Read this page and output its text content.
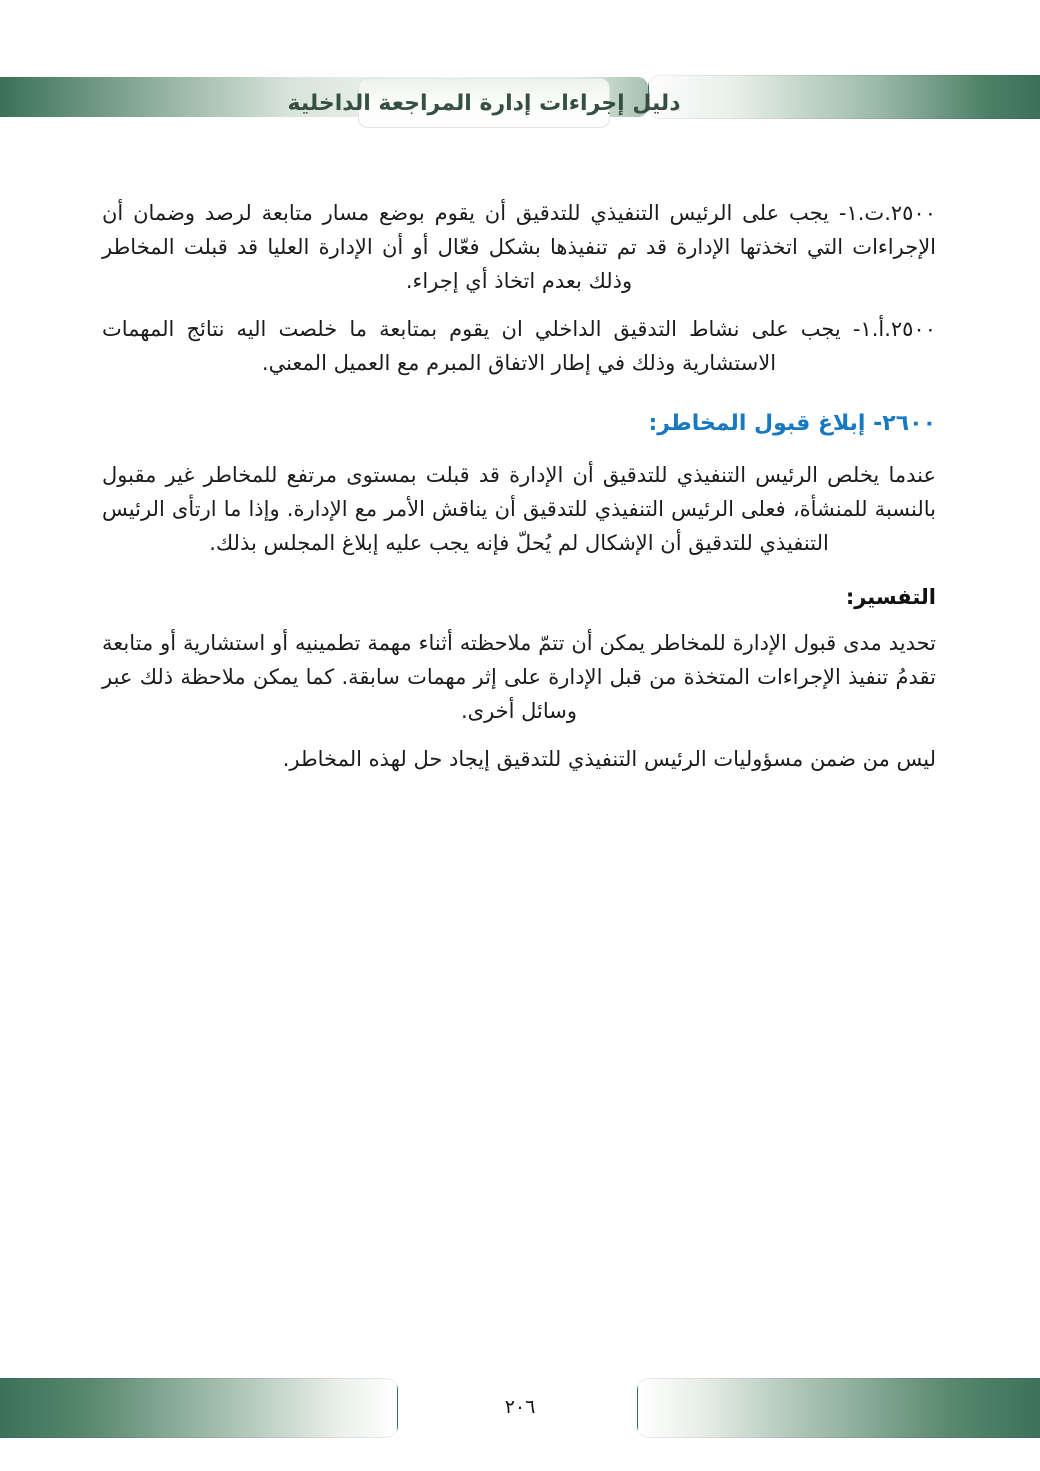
دليل إجراءات إدارة المراجعة الداخلية

٢٥٠٠.ت.١- يجب على الرئيس التنفيذي للتدقيق أن يقوم بوضع مسار متابعة لرصد وضمان أن الإجراءات التي اتخذتها الإدارة قد تم تنفيذها بشكل فعّال أو أن الإدارة العليا قد قبلت المخاطر وذلك بعدم اتخاذ أي إجراء.

٢٥٠٠.أ.١- يجب على نشاط التدقيق الداخلي ان يقوم بمتابعة ما خلصت اليه نتائج المهمات الاستشارية وذلك في إطار الاتفاق المبرم مع العميل المعني.

٢٦٠٠- إبلاغ قبول المخاطر:

عندما يخلص الرئيس التنفيذي للتدقيق أن الإدارة قد قبلت بمستوى مرتفع للمخاطر غير مقبول بالنسبة للمنشأة، فعلى الرئيس التنفيذي للتدقيق أن يناقش الأمر مع الإدارة. وإذا ما ارتأى الرئيس التنفيذي للتدقيق أن الإشكال لم يُحلّ فإنه يجب عليه إبلاغ المجلس بذلك.

التفسير:

تحديد مدى قبول الإدارة للمخاطر يمكن أن تتمّ ملاحظته أثناء مهمة تطمينيه أو استشارية أو متابعة تقدمُ تنفيذ الإجراءات المتخذة من قبل الإدارة على إثر مهمات سابقة. كما يمكن ملاحظة ذلك عبر وسائل أخرى.

ليس من ضمن مسؤوليات الرئيس التنفيذي للتدقيق إيجاد حل لهذه المخاطر.

٢٠٦
